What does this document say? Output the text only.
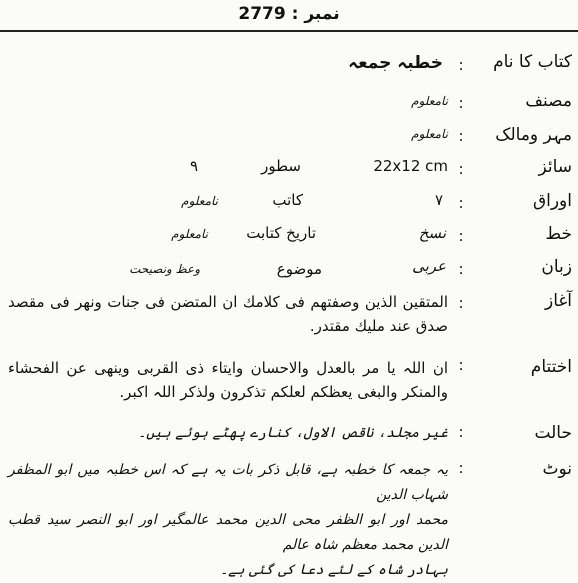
نمبر : 2779
کتاب کا نام
:
خطبہ جمعہ
مصنف
:
نامعلوم
مہر ومالک
:
نامعلوم
سائز
:
22x12 cm
سطور
۹
اوراق
:
۷
کاتب
نامعلوم
خط
:
نسخ
تاریخ کتابت
نامعلوم
زبان
:
عربی
موضوع
وعظ ونصیحت
آغاز
:
المتقین الذین وصفتهم فی کلامك ان المتضن فی جنات ونهر فی مقصد صدق عند ملیك مقتدر.
اختتام
:
ان اللہ یا مر بالعدل والاحسان وایتاء ذی القربی وینهی عن الفحشاء والمنکر والبغی یعظکم لعلکم تذکرون ولذکر اللہ اکبر.
حالت
:
غیر مجلد، ناقص الاول، کنارے پھٹے ہوئے ہیں۔
نوٹ
:
یہ جمعہ کا خطبہ ہے، قابل ذکر بات یہ ہے کہ اس خطبہ میں ابو المظفر شہاب الدین
محمد اور ابو الظفر محی الدین محمد عالمگیر اور ابو النصر سید قطب الدین محمد معظم شاہ عالم
بہادر شاہ کے لئے دعا کی گئی ہے۔
